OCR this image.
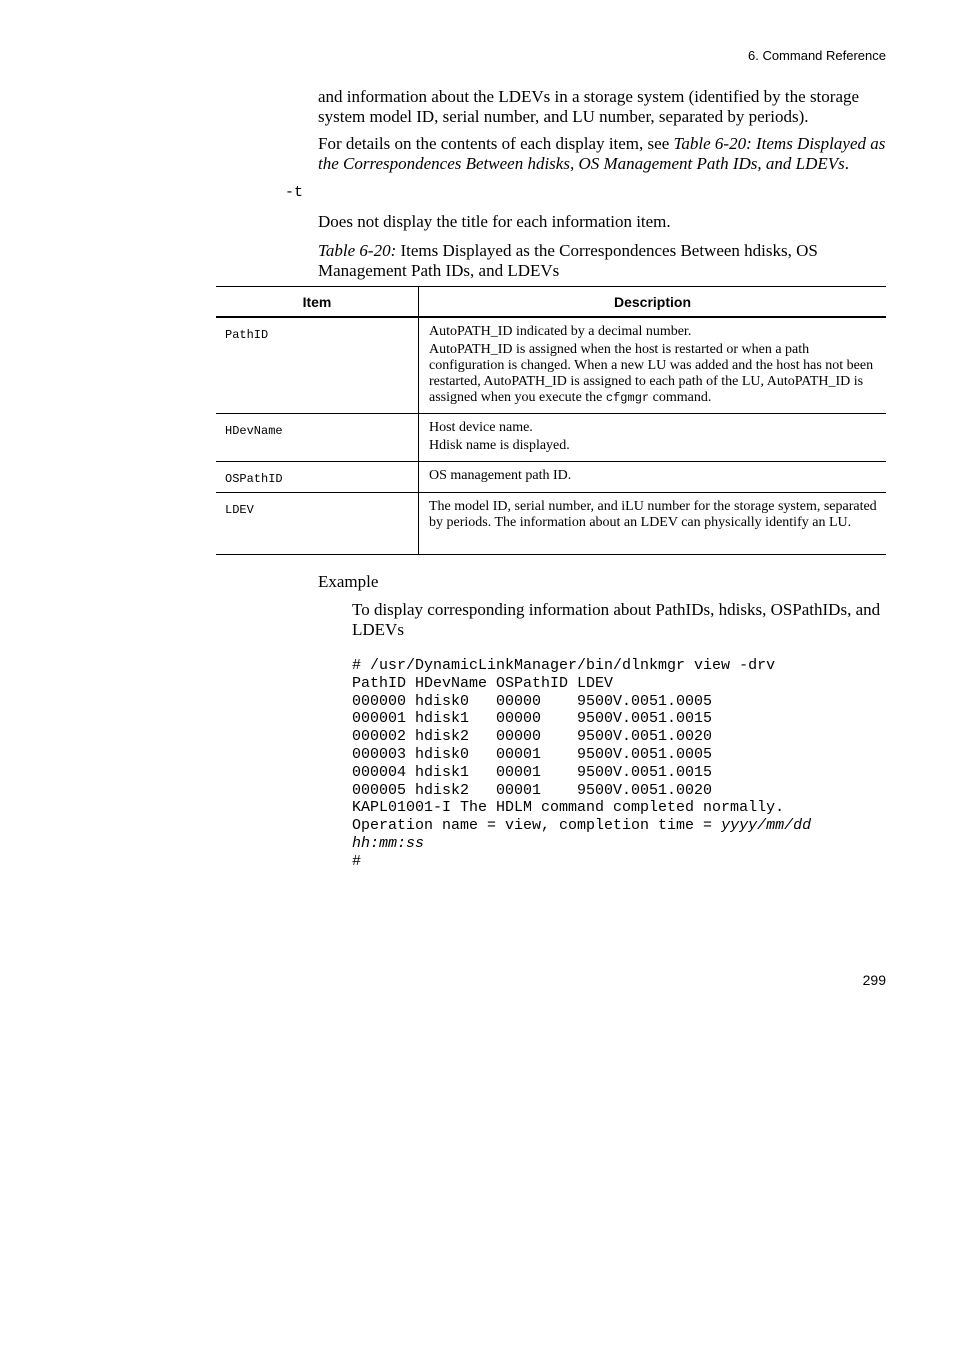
6. Command Reference
and information about the LDEVs in a storage system (identified by the storage system model ID, serial number, and LU number, separated by periods).
For details on the contents of each display item, see Table 6-20: Items Displayed as the Correspondences Between hdisks, OS Management Path IDs, and LDEVs.
-t
Does not display the title for each information item.
Table 6-20: Items Displayed as the Correspondences Between hdisks, OS Management Path IDs, and LDEVs
Item	Description
PathID	AutoPATH_ID indicated by a decimal number.
AutoPATH_ID is assigned when the host is restarted or when a path configuration is changed. When a new LU was added and the host has not been restarted, AutoPATH_ID is assigned to each path of the LU, AutoPATH_ID is assigned when you execute the cfgmgr command.

HDevName	Host device name.
Hdisk name is displayed.

OSPathID	OS management path ID.

LDEV	The model ID, serial number, and iLU number for the storage system, separated by periods. The information about an LDEV can physically identify an LU.
Example
To display corresponding information about PathIDs, hdisks, OSPathIDs, and LDEVs
# /usr/DynamicLinkManager/bin/dlnkmgr view -drv
PathID HDevName OSPathID LDEV
000000 hdisk0   00000    9500V.0051.0005
000001 hdisk1   00000    9500V.0051.0015
000002 hdisk2   00000    9500V.0051.0020
000003 hdisk0   00001    9500V.0051.0005
000004 hdisk1   00001    9500V.0051.0015
000005 hdisk2   00001    9500V.0051.0020
KAPL01001-I The HDLM command completed normally.
Operation name = view, completion time = yyyy/mm/dd
hh:mm:ss
#
299
